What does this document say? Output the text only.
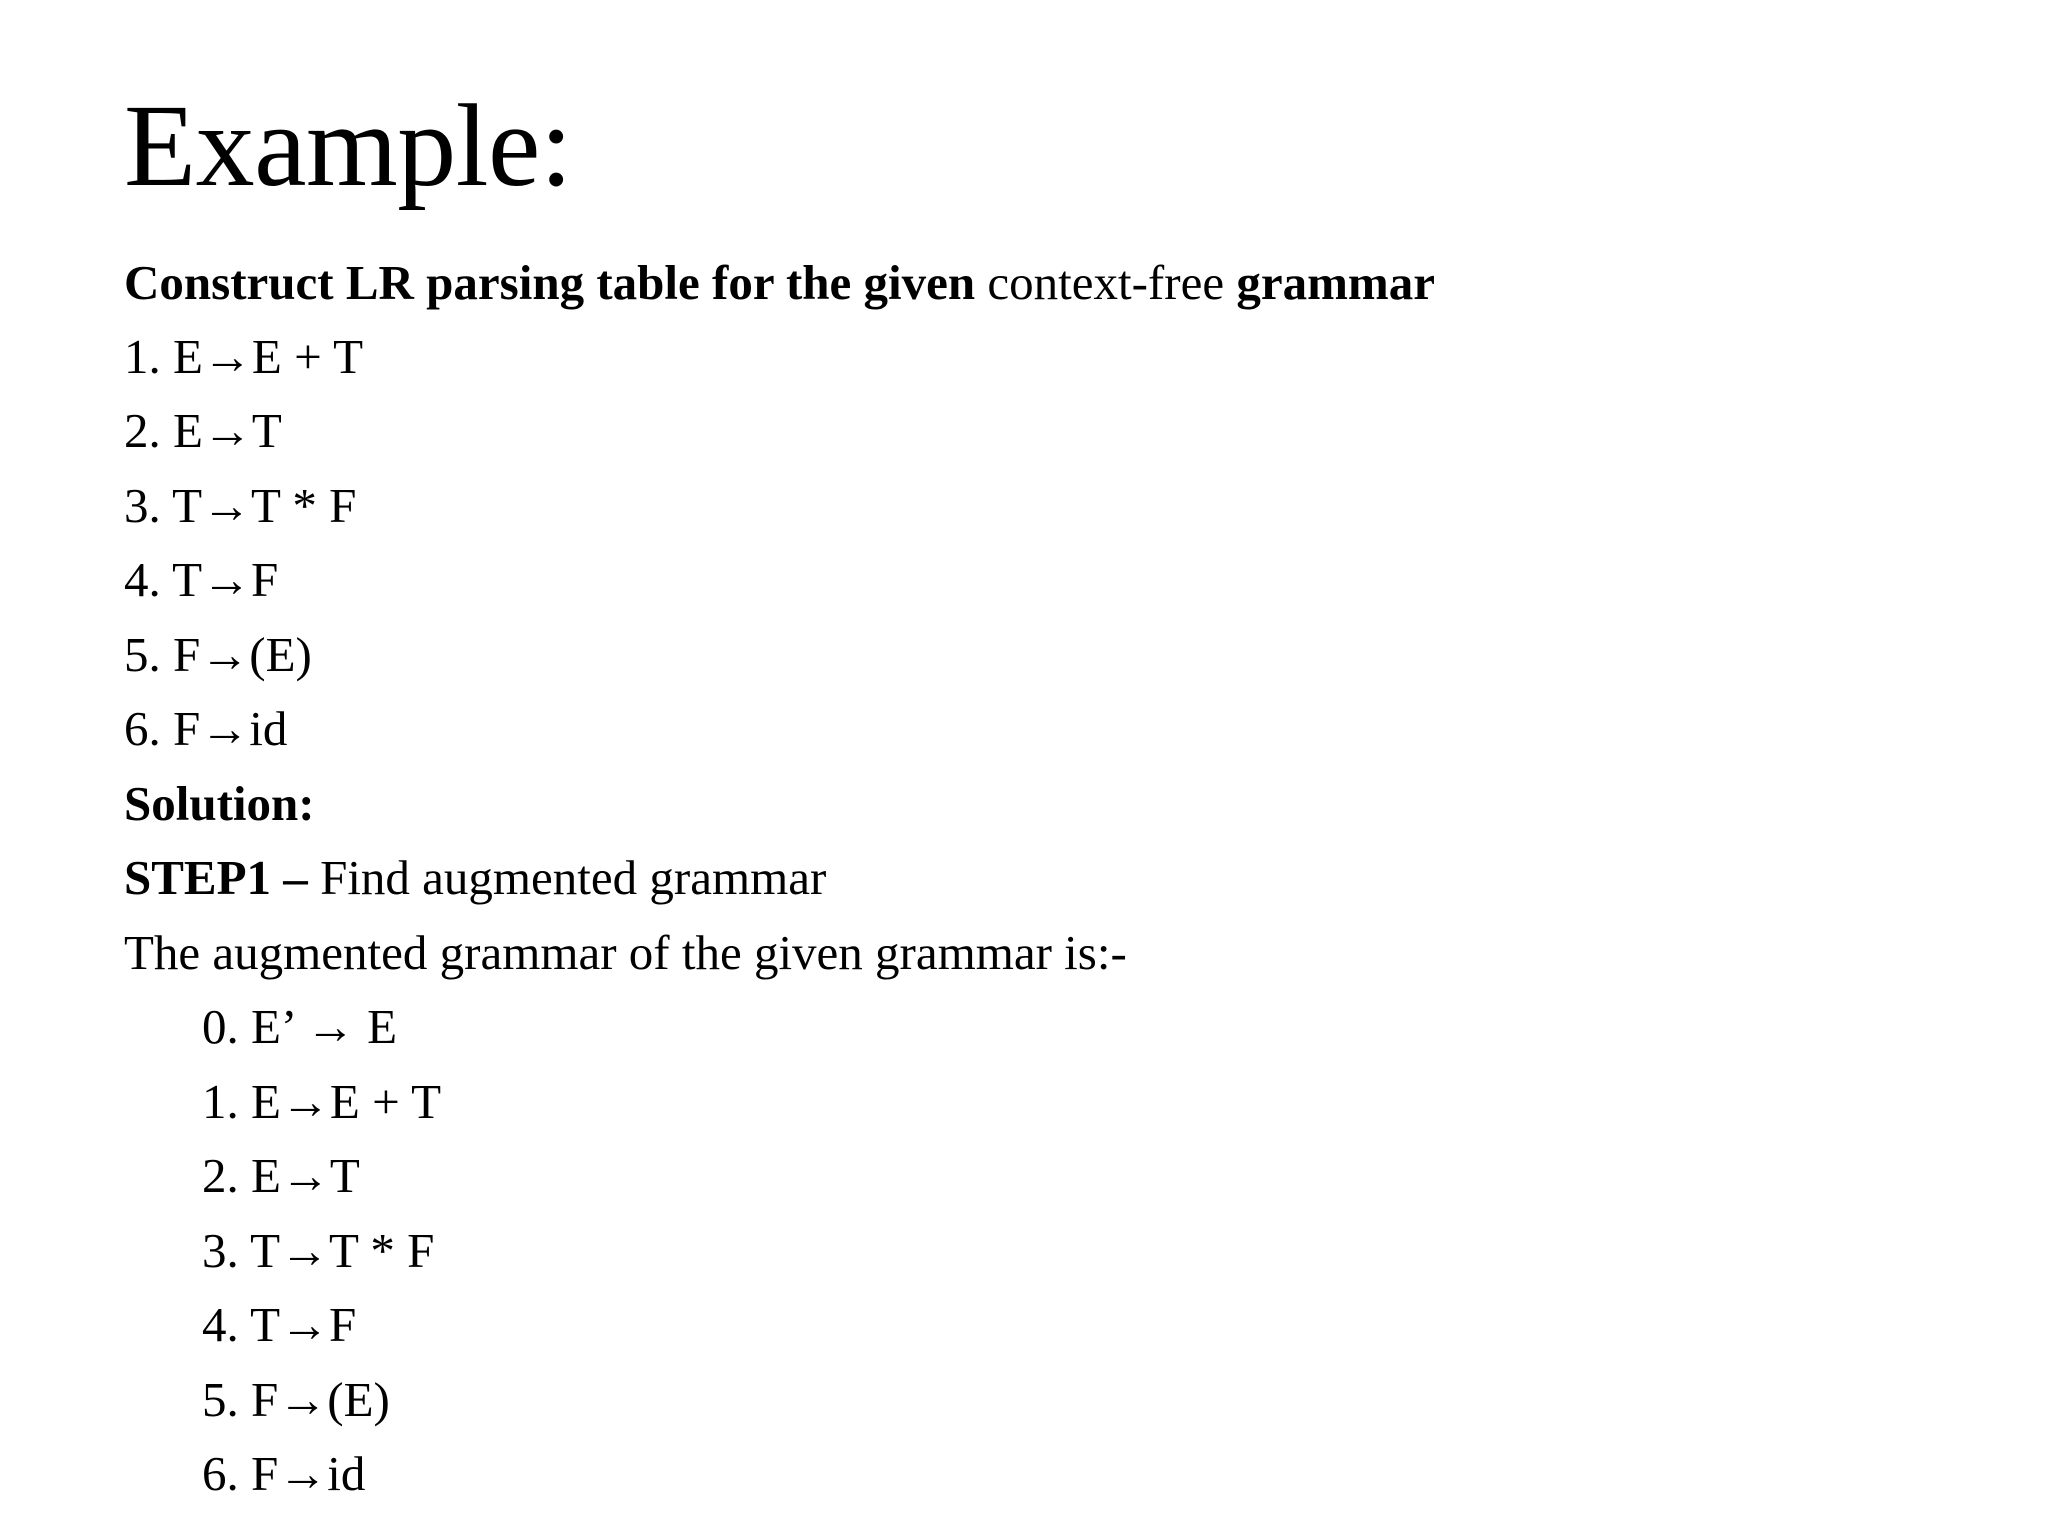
Example:
Construct LR parsing table for the given context-free grammar
1. E→E + T
2. E→T
3. T→T * F
4. T→F
5. F→(E)
6. F→id
Solution:
STEP1 – Find augmented grammar
The augmented grammar of the given grammar is:-
0. E’ → E
1. E→E + T
2. E→T
3. T→T * F
4. T→F
5. F→(E)
6. F→id
